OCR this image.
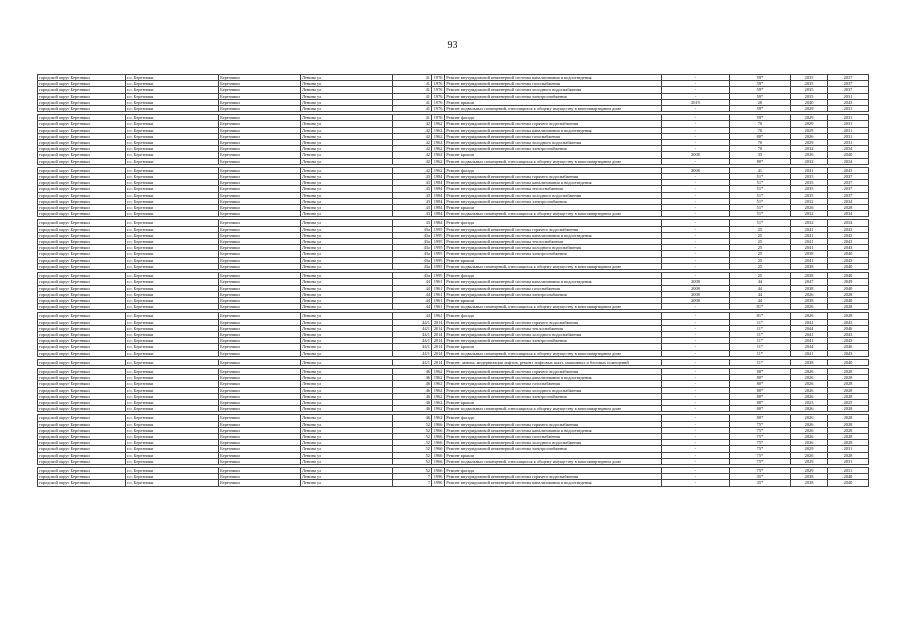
93
городской округ Березняки	г.о. Березники	Березники	Ленина ул	41	1976	Ремонт внутридомовой инженерной системы канализования и водоотведения	-	59*	2035	2037
городской округ Березняки	г.о. Березники	Березники	Ленина ул	41	1976	Ремонт внутридомовой инженерной системы газоснабжения	-	59*	2035	2037
городской округ Березняки	г.о. Березники	Березники	Ленина ул	41	1976	Ремонт внутридомовой инженерной системы холодного водоснабжения	-	59*	2035	2037
городской округ Березняки	г.о. Березники	Березники	Ленина ул	41	1976	Ремонт внутридомовой инженерной системы электроснабжения	-	59*	2035	2031
городской округ Березняки	г.о. Березники	Березники	Ленина ул	41	1976	Ремонт крыши	2019	28	2040	2043
городской округ Березняки	г.о. Березники	Березники	Ленина ул	41	1976	Ремонт подвальных помещений, относящихся к общему имуществу в многоквартирном доме	-	59*	2029	2031

городской округ Березняки	г.о. Березники	Березники	Ленина ул	41	1976	Ремонт фасада	-	59*	2029	2031
городской округ Березняки	г.о. Березники	Березники	Ленина ул	42	1962	Ремонт внутридомовой инженерной системы горячего водоснабжения	-	70	2029	2031
городской округ Березняки	г.о. Березники	Березники	Ленина ул	42	1962	Ремонт внутридомовой инженерной системы канализования и водоотведения	-	70	2029	2031
городской округ Березняки	г.о. Березники	Березники	Ленина ул	42	1962	Ремонт внутридомовой инженерной системы газоснабжения	-	80*	2026	2031
городской округ Березняки	г.о. Березники	Березники	Ленина ул	42	1962	Ремонт внутридомовой инженерной системы холодного водоснабжения	-	70	2029	2031
городской округ Березняки	г.о. Березники	Березники	Ленина ул	42	1962	Ремонт внутридомовой инженерной системы электроснабжения	-	70	2032	2034
городской округ Березняки	г.о. Березники	Березники	Ленина ул	42	1962	Ремонт крыши	2008	35	2026	2040
городской округ Березняки	г.о. Березники	Березники	Ленина ул	42	1962	Ремонт подвальных помещений, относящихся к общему имуществу в многоквартирном доме	-	80*	2032	2034

городской округ Березняки	г.о. Березники	Березники	Ленина ул	42	1962	Ремонт фасада	2006	41	2041	2043
городской округ Березняки	г.о. Березники	Березники	Ленина ул	43	1984	Ремонт внутридомовой инженерной системы горячего водоснабжения	-	51*	2035	2037
городской округ Березняки	г.о. Березники	Березники	Ленина ул	43	1984	Ремонт внутридомовой инженерной системы канализования и водоотведения	-	51*	2035	2037
городской округ Березняки	г.о. Березники	Березники	Ленина ул	43	1984	Ремонт внутридомовой инженерной системы теплоснабжения	-	51*	2035	2037
городской округ Березняки	г.о. Березники	Березники	Ленина ул	43	1984	Ремонт внутридомовой инженерной системы холодного водоснабжения	-	51*	2035	2037
городской округ Березняки	г.о. Березники	Березники	Ленина ул	43	1984	Ремонт внутридомовой инженерной системы электроснабжения	-	51*	2032	2034
городской округ Березняки	г.о. Березники	Березники	Ленина ул	43	1984	Ремонт крыши	-	51*	2026	2028
городской округ Березняки	г.о. Березники	Березники	Ленина ул	43	1984	Ремонт подвальных помещений, относящихся к общему имуществу в многоквартирном доме	-	51*	2032	2034

городской округ Березняки	г.о. Березники	Березники	Ленина ул	43	1984	Ремонт фасада	-	51*	2032	2034
городской округ Березняки	г.о. Березники	Березники	Ленина ул	43а	1995	Ремонт внутридомовой инженерной системы горячего водоснабжения	-	25	2041	2043
городской округ Березняки	г.о. Березники	Березники	Ленина ул	43а	1995	Ремонт внутридомовой инженерной системы канализования и водоотведения	-	25	2041	2043
городской округ Березняки	г.о. Березники	Березники	Ленина ул	43а	1995	Ремонт внутридомовой инженерной системы теплоснабжения	-	25	2041	2043
городской округ Березняки	г.о. Березники	Березники	Ленина ул	43а	1995	Ремонт внутридомовой инженерной системы холодного водоснабжения	-	25	2041	2043
городской округ Березняки	г.о. Березники	Березники	Ленина ул	43а	1995	Ремонт внутридомовой инженерной системы электроснабжения	-	25	2038	2040
городской округ Березняки	г.о. Березники	Березники	Ленина ул	43а	1995	Ремонт крыши	-	25	2041	2043
городской округ Березняки	г.о. Березники	Березники	Ленина ул	43а	1995	Ремонт подвальных помещений, относящихся к общему имуществу в многоквартирном доме	-	25	2038	2040

городской округ Березняки	г.о. Березники	Березники	Ленина ул	43а	1995	Ремонт фасада	-	25	2038	2040
городской округ Березняки	г.о. Березники	Березники	Ленина ул	44	1961	Ремонт внутридомовой инженерной системы канализования и водоотведения	2008	44	2047	2049
городской округ Березняки	г.о. Березники	Березники	Ленина ул	44	1961	Ремонт внутридомовой инженерной системы газоснабжения	2008	44	2038	2040
городской округ Березняки	г.о. Березники	Березники	Ленина ул	44	1961	Ремонт внутридомовой инженерной системы электроснабжения	2008	44	2026	2028
городской округ Березняки	г.о. Березники	Березники	Ленина ул	44	1961	Ремонт крыши	2008	44	2038	2040
городской округ Березняки	г.о. Березники	Березники	Ленина ул	44	1961	Ремонт подвальных помещений, относящихся к общему имуществу в многоквартирном доме	-	81*	2026	2028

городской округ Березняки	г.о. Березники	Березники	Ленина ул	44	1961	Ремонт фасада	-	81*	2026	2028
городской округ Березняки	г.о. Березники	Березники	Ленина ул	44/1	2014	Ремонт внутридомовой инженерной системы горячего водоснабжения	-	11*	2041	2043
городской округ Березняки	г.о. Березники	Березники	Ленина ул	44/1	2014	Ремонт внутридомовой инженерной системы теплоснабжения	-	11*	2044	2046
городской округ Березняки	г.о. Березники	Березники	Ленина ул	44/1	2014	Ремонт внутридомовой инженерной системы холодного водоснабжения	-	11*	2041	2043
городской округ Березняки	г.о. Березники	Березники	Ленина ул	44/1	2014	Ремонт внутридомовой инженерной системы электроснабжения	-	11*	2041	2043
городской округ Березняки	г.о. Березники	Березники	Ленина ул	44/1	2014	Ремонт крыши	-	11*	2044	2046
городской округ Березняки	г.о. Березники	Березники	Ленина ул	44/1	2014	Ремонт подвальных помещений, относящихся к общему имуществу в многоквартирном доме	-	11*	2041	2043

городской округ Березняки	г.о. Березники	Березники	Ленина ул	44/1	2014	Ремонт, замена, модернизация лифтов, ремонт лифтовых шахт, машинных и блочных помещений	-	11*	2038	2040

городской округ Березняки	г.о. Березники	Березники	Ленина ул	46	1962	Ремонт внутридомовой инженерной системы горячего водоснабжения	-	80*	2026	2028
городской округ Березняки	г.о. Березники	Березники	Ленина ул	46	1962	Ремонт внутридомовой инженерной системы канализования и водоотведения	-	80*	2026	2028
городской округ Березняки	г.о. Березники	Березники	Ленина ул	46	1962	Ремонт внутридомовой инженерной системы газоснабжения	-	80*	2026	2028
городской округ Березняки	г.о. Березники	Березники	Ленина ул	46	1962	Ремонт внутридомовой инженерной системы холодного водоснабжения	-	80*	2026	2028
городской округ Березняки	г.о. Березники	Березники	Ленина ул	46	1962	Ремонт внутридомовой инженерной системы электроснабжения	-	80*	2026	2028
городской округ Березняки	г.о. Березники	Березники	Ленина ул	46	1962	Ремонт крыши	-	80*	2023	2025
городской округ Березняки	г.о. Березники	Березники	Ленина ул	46	1962	Ремонт подвальных помещений, относящихся к общему имуществу в многоквартирном доме	-	80*	2026	2028

городской округ Березняки	г.о. Березники	Березники	Ленина ул	46	1962	Ремонт фасада	-	80*	2026	2028
городской округ Березняки	г.о. Березники	Березники	Ленина ул	52	1966	Ремонт внутридомовой инженерной системы горячего водоснабжения	-	75*	2026	2028
городской округ Березняки	г.о. Березники	Березники	Ленина ул	52	1966	Ремонт внутридомовой инженерной системы канализования и водоотведения	-	75*	2026	2028
городской округ Березняки	г.о. Березники	Березники	Ленина ул	52	1966	Ремонт внутридомовой инженерной системы газоснабжения	-	75*	2026	2028
городской округ Березняки	г.о. Березники	Березники	Ленина ул	52	1966	Ремонт внутридомовой инженерной системы холодного водоснабжения	-	75*	2026	2028
городской округ Березняки	г.о. Березники	Березники	Ленина ул	52	1966	Ремонт внутридомовой инженерной системы электроснабжения	-	75*	2029	2031
городской округ Березняки	г.о. Березники	Березники	Ленина ул	52	1966	Ремонт крыши	-	75*	2026	2028
городской округ Березняки	г.о. Березники	Березники	Ленина ул	52	1966	Ремонт подвальных помещений, относящихся к общему имуществу в многоквартирном доме	-	75*	2029	2031

городской округ Березняки	г.о. Березники	Березники	Ленина ул	52	1966	Ремонт фасада	-	75*	2029	2031
городской округ Березняки	г.о. Березники	Березники	Ленина ул	7	1996	Ремонт внутридомовой инженерной системы горячего водоснабжения	-	35*	2038	2040
городской округ Березняки	г.о. Березники	Березники	Ленина ул	7	1996	Ремонт внутридомовой инженерной системы канализования и водоотведения	-	35*	2038	2040
